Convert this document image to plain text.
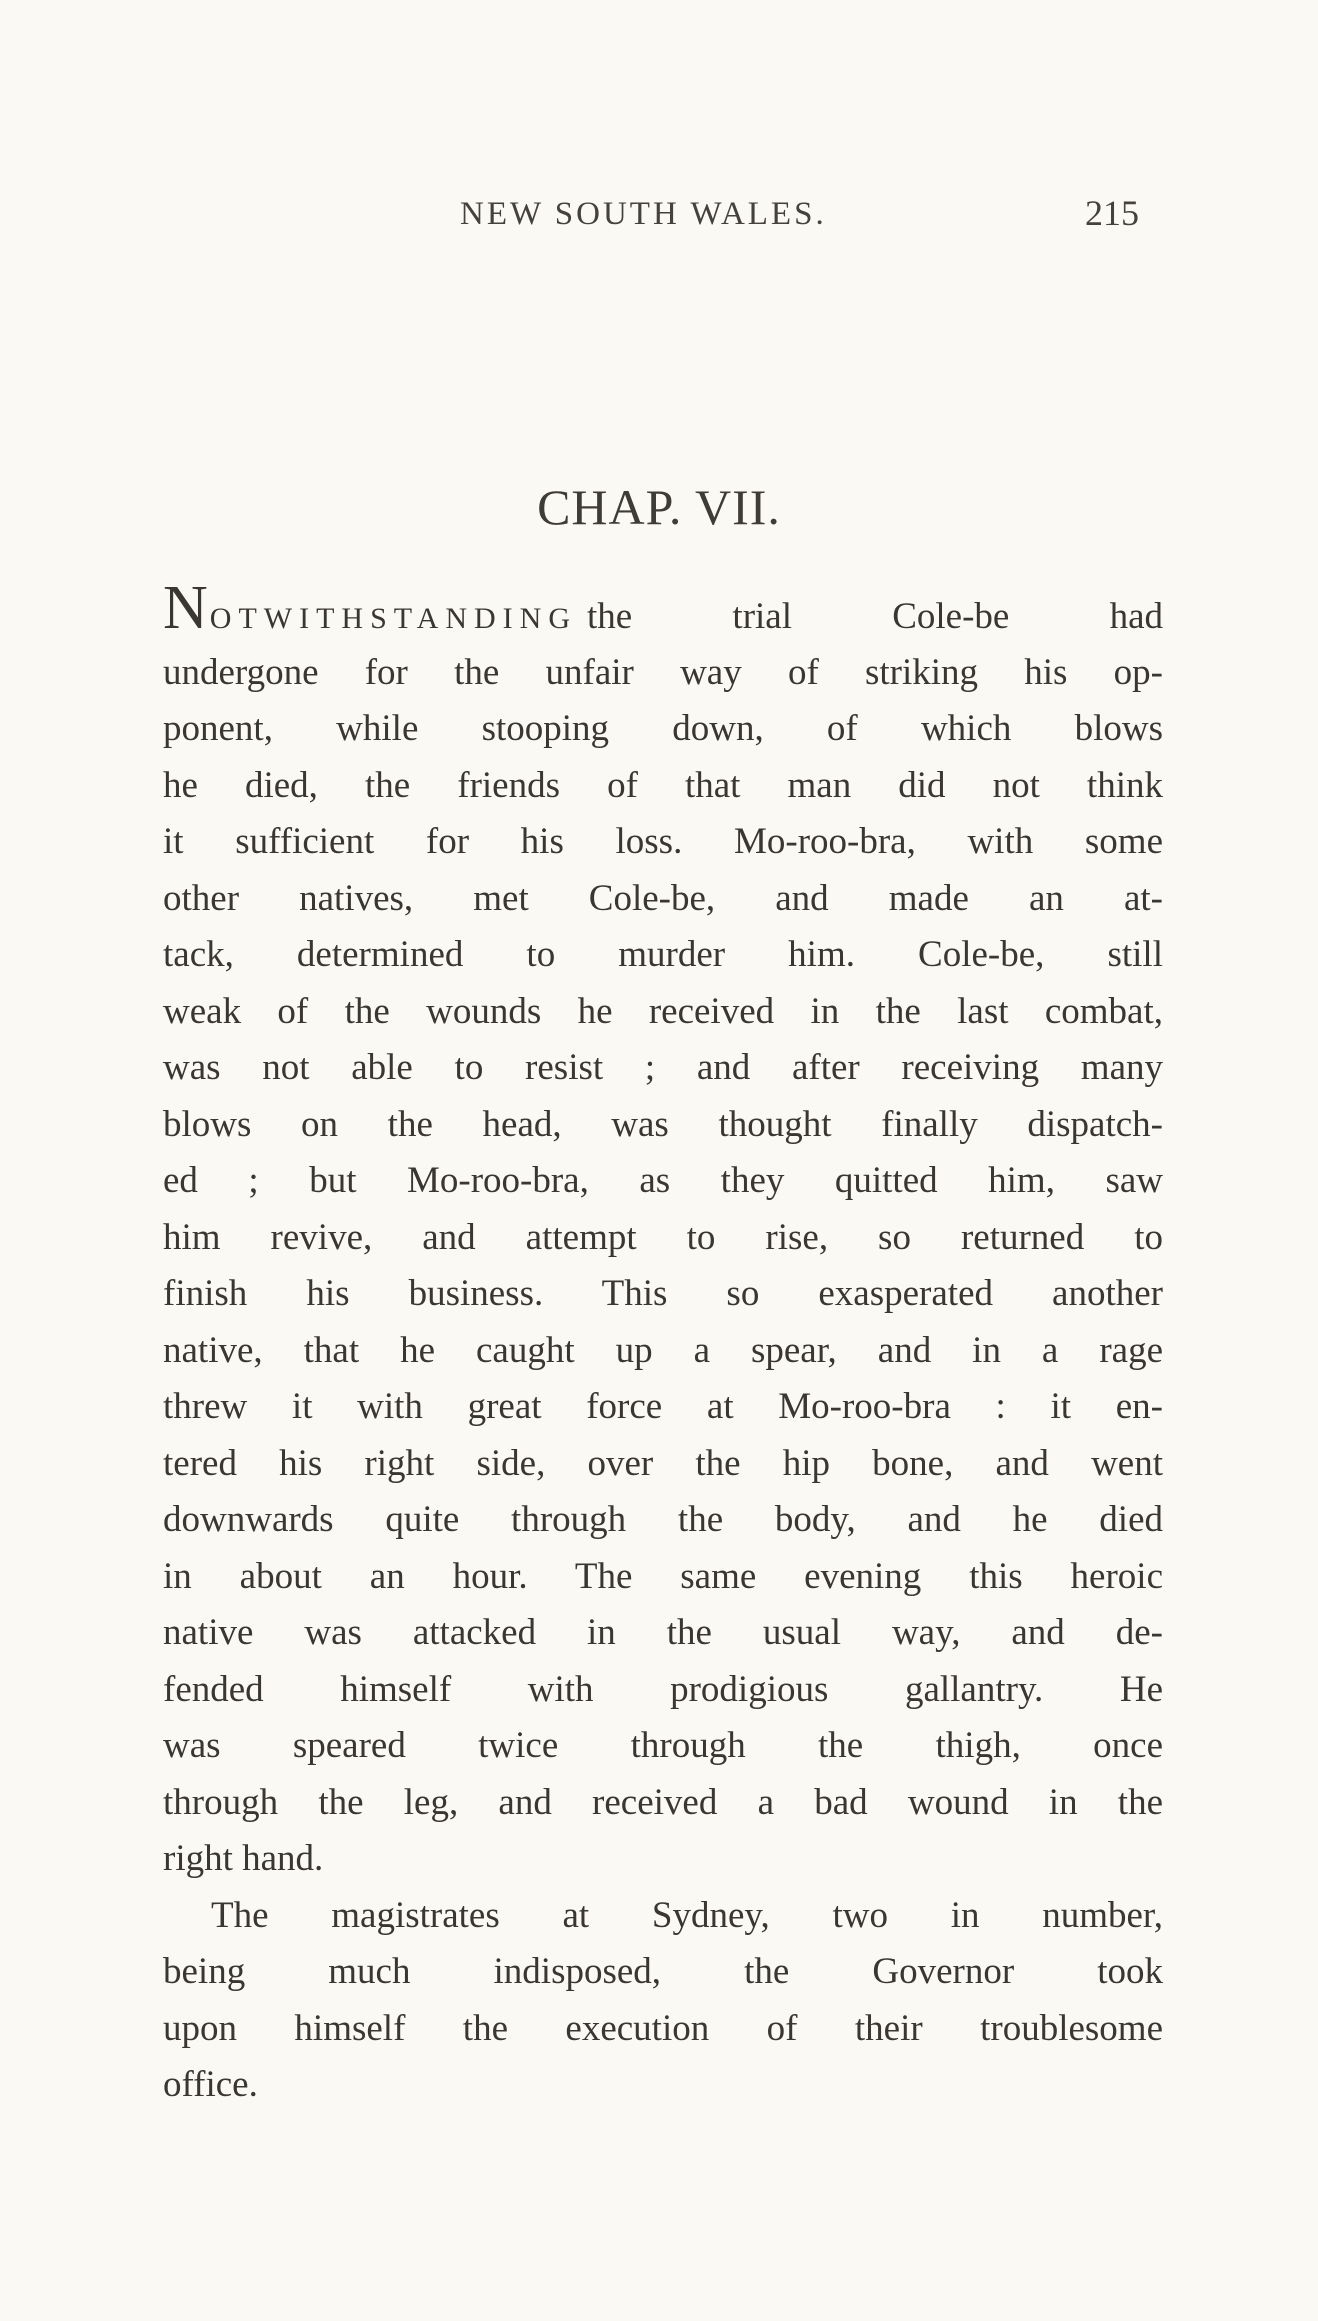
NEW SOUTH WALES.	215
CHAP. VII.
NOTWITHSTANDING the trial Cole-be had
undergone for the unfair way of striking his op-
ponent, while stooping down, of which blows
he died, the friends of that man did not think
it sufficient for his loss. Mo-roo-bra, with some
other natives, met Cole-be, and made an at-
tack, determined to murder him. Cole-be, still
weak of the wounds he received in the last combat,
was not able to resist ; and after receiving many
blows on the head, was thought finally dispatch-
ed ; but Mo-roo-bra, as they quitted him, saw
him revive, and attempt to rise, so returned to
finish his business. This so exasperated another
native, that he caught up a spear, and in a rage
threw it with great force at Mo-roo-bra : it en-
tered his right side, over the hip bone, and went
downwards quite through the body, and he died
in about an hour. The same evening this heroic
native was attacked in the usual way, and de-
fended himself with prodigious gallantry. He
was speared twice through the thigh, once
through the leg, and received a bad wound in the
right hand.
The magistrates at Sydney, two in number,
being much indisposed, the Governor took
upon himself the execution of their troublesome
office.
